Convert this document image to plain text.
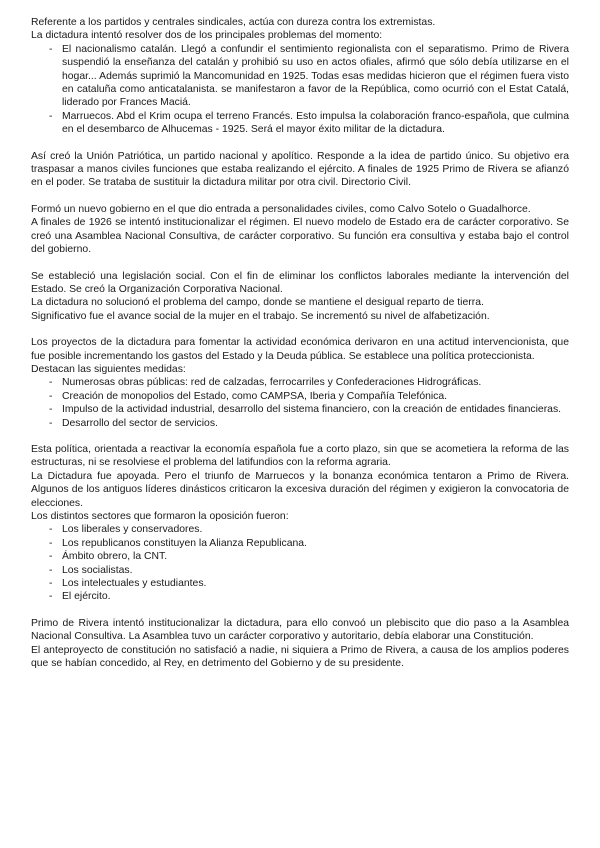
Referente a los partidos y centrales sindicales, actúa con dureza contra los extremistas.

La dictadura intentó resolver dos de los principales problemas del momento:

- El nacionalismo catalán. Llegó a confundir el sentimiento regionalista con el separatismo. Primo de Rivera suspendió la enseñanza del catalán y prohibió su uso en actos ofiales, afirmó que sólo debía utilizarse en el hogar... Además suprimió la Mancomunidad en 1925. Todas esas medidas hicieron que el régimen fuera visto en cataluña como anticatalanista. se manifestaron a favor de la República, como ocurrió con el Estat Catalá, liderado por Frances Maciá.
- Marruecos. Abd el Krim ocupa el terreno Francés. Esto impulsa la colaboración franco-española, que culmina en el desembarco de Alhucemas - 1925. Será el mayor éxito militar de la dictadura.

Así creó la Unión Patriótica, un partido nacional y apolítico. Responde a la idea de partido único. Su objetivo era traspasar a manos civiles funciones que estaba realizando el ejército. A finales de 1925 Primo de Rivera se afianzó en el poder. Se trataba de sustituir la dictadura militar por otra civil. Directorio Civil.

Formó un nuevo gobierno en el que dio entrada a personalidades civiles, como Calvo Sotelo o Guadalhorce.

A finales de 1926 se intentó institucionalizar el régimen. El nuevo modelo de Estado era de carácter corporativo. Se creó una Asamblea Nacional Consultiva, de carácter corporativo. Su función era consultiva y estaba bajo el control del gobierno.

Se estableció una legislación social. Con el fin de eliminar los conflictos laborales mediante la intervención del Estado. Se creó la Organización Corporativa Nacional.

La dictadura no solucionó el problema del campo, donde se mantiene el desigual reparto de tierra.

Significativo fue el avance social de la mujer en el trabajo. Se incrementó su nivel de alfabetización.

Los proyectos de la dictadura para fomentar la actividad económica derivaron en una actitud intervencionista, que fue posible incrementando los gastos del Estado y la Deuda pública. Se establece una política proteccionista.

Destacan las siguientes medidas:

- Numerosas obras públicas: red de calzadas, ferrocarriles y Confederaciones Hidrográficas.
- Creación de monopolios del Estado, como CAMPSA, Iberia y Compañía Telefónica.
- Impulso de la actividad industrial, desarrollo del sistema financiero, con la creación de entidades financieras.
- Desarrollo del sector de servicios.

Esta política, orientada a reactivar la economía española fue a corto plazo, sin que se acometiera la reforma de las estructuras, ni se resolviese el problema del latifundios con la reforma agraria.

La Dictadura fue apoyada. Pero el triunfo de Marruecos y la bonanza económica tentaron a Primo de Rivera. Algunos de los antiguos líderes dinásticos criticaron la excesiva duración del régimen y exigieron la convocatoria de elecciones.

Los distintos sectores que formaron la oposición fueron:

- Los liberales y conservadores.
- Los republicanos constituyen la Alianza Republicana.
- Ámbito obrero, la CNT.
- Los socialistas.
- Los intelectuales y estudiantes.
- El ejército.

Primo de Rivera intentó institucionalizar la dictadura, para ello convoó un plebiscito que dio paso a la Asamblea Nacional Consultiva. La Asamblea tuvo un carácter corporativo y autoritario, debía elaborar una Constitución.

El anteproyecto de constitución no satisfació a nadie, ni siquiera a Primo de Rivera, a causa de los amplios poderes que se habían concedido, al Rey, en detrimento del Gobierno y de su presidente.
